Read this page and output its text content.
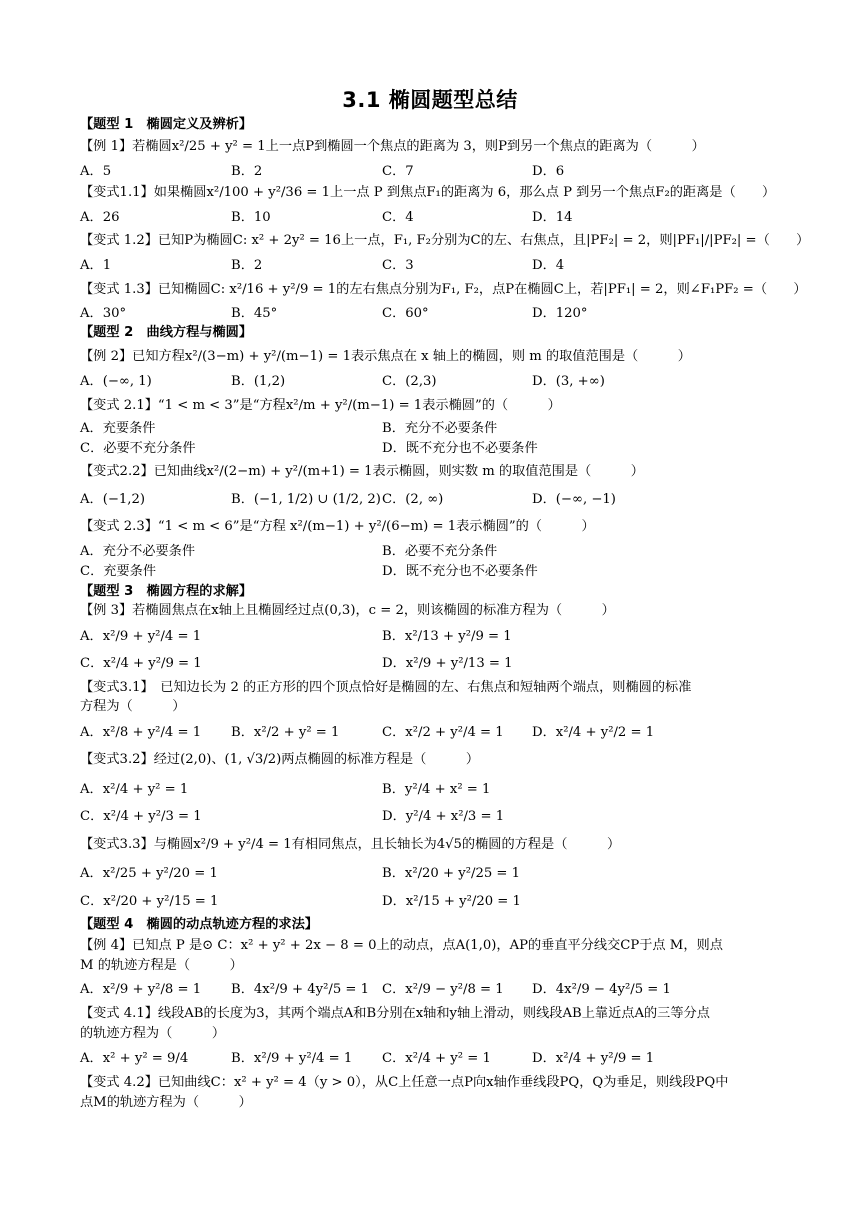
3.1 椭圆题型总结
【题型 1　椭圆定义及辨析】
【例 1】若椭圆x²/25 + y² = 1上一点P到椭圆一个焦点的距离为 3，则P到另一个焦点的距离为（　　　）
A．5	B．2	C．7	D．6
【变式1.1】如果椭圆x²/100 + y²/36 = 1上一点 P 到焦点F₁的距离为 6，那么点 P 到另一个焦点F₂的距离是（　　）
A．26	B．10	C．4	D．14
【变式 1.2】已知P为椭圆C: x² + 2y² = 16上一点，F₁, F₂分别为C的左、右焦点，且|PF₂| = 2，则|PF₁|/|PF₂| =（　　）
A．1	B．2	C．3	D．4
【变式 1.3】已知椭圆C: x²/16 + y²/9 = 1的左右焦点分别为F₁, F₂，点P在椭圆C上，若|PF₁| = 2，则∠F₁PF₂ =（　　）
A．30°	B．45°	C．60°	D．120°
【题型 2　曲线方程与椭圆】
【例 2】已知方程x²/(3−m) + y²/(m−1) = 1表示焦点在 x 轴上的椭圆，则 m 的取值范围是（　　　）
A．(−∞, 1)	B．(1,2)	C．(2,3)	D．(3, +∞)
【变式 2.1】“1 < m < 3”是“方程x²/m + y²/(m−1) = 1表示椭圆”的（　　　）
A．充要条件	B．充分不必要条件
C．必要不充分条件	D．既不充分也不必要条件
【变式2.2】已知曲线x²/(2−m) + y²/(m+1) = 1表示椭圆，则实数 m 的取值范围是（　　　）
A．(−1,2)	B．(−1, 1/2) ∪ (1/2, 2) C．(2, ∞)	D．(−∞, −1)
【变式 2.3】“1 < m < 6”是“方程 x²/(m−1) + y²/(6−m) = 1表示椭圆”的（　　　）
A．充分不必要条件	B．必要不充分条件
C．充要条件	D．既不充分也不必要条件
【题型 3　椭圆方程的求解】
【例 3】若椭圆焦点在x轴上且椭圆经过点(0,3)，c = 2，则该椭圆的标准方程为（　　　）
A．x²/9 + y²/4 = 1	B．x²/13 + y²/9 = 1
C．x²/4 + y²/9 = 1	D．x²/9 + y²/13 = 1
【变式3.1】　已知边长为 2 的正方形的四个顶点恰好是椭圆的左、右焦点和短轴两个端点，则椭圆的标准
方程为（　　　）
A．x²/8 + y²/4 = 1 B．x²/2 + y² = 1	C．x²/2 + y²/4 = 1 D．x²/4 + y²/2 = 1
【变式3.2】经过(2,0)、(1, √3/2)两点椭圆的标准方程是（　　　）
A．x²/4 + y² = 1	B．y²/4 + x² = 1
C．x²/4 + y²/3 = 1	D．y²/4 + x²/3 = 1
【变式3.3】与椭圆x²/9 + y²/4 = 1有相同焦点，且长轴长为4√5的椭圆的方程是（　　　）
A．x²/25 + y²/20 = 1	B．x²/20 + y²/25 = 1
C．x²/20 + y²/15 = 1	D．x²/15 + y²/20 = 1
【题型 4　椭圆的动点轨迹方程的求法】
【例 4】已知点 P 是⊙ C：x² + y² + 2x − 8 = 0上的动点，点A(1,0)，AP的垂直平分线交CP于点 M，则点
M 的轨迹方程是（　　　）
A．x²/9 + y²/8 = 1 B．4x²/9 + 4y²/5 = 1 C．x²/9 − y²/8 = 1 D．4x²/9 − 4y²/5 = 1
【变式 4.1】线段AB的长度为3，其两个端点A和B分别在x轴和y轴上滑动，则线段AB上靠近点A的三等分点
的轨迹方程为（　　　）
A．x² + y² = 9/4	B．x²/9 + y²/4 = 1 C．x²/4 + y² = 1	D．x²/4 + y²/9 = 1
【变式 4.2】已知曲线C：x² + y² = 4（y > 0），从C上任意一点P向x轴作垂线段PQ，Q为垂足，则线段PQ中
点M的轨迹方程为（　　　）
